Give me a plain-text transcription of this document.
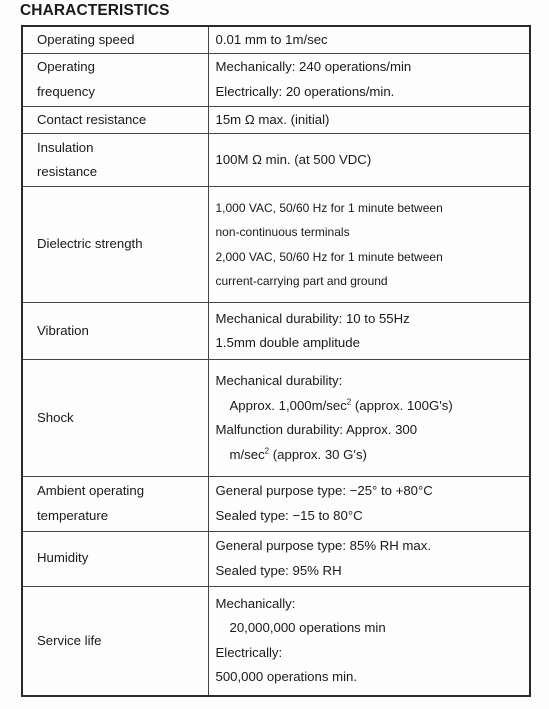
CHARACTERISTICS
Operating speed	0.01 mm to 1m/sec

Operating
frequency	Mechanically: 240 operations/min
Electrically: 20 operations/min.

Contact resistance	15m Ω max. (initial)

Insulation
resistance	100M Ω min. (at 500 VDC)

Dielectric strength	1,000 VAC, 50/60 Hz for 1 minute between
non-continuous terminals
2,000 VAC, 50/60 Hz for 1 minute between
current-carrying part and ground

Vibration	Mechanical durability: 10 to 55Hz
1.5mm double amplitude

Shock	Mechanical durability:
Approx. $1,000m/\sec^2$ (approx. 100G's)
Malfunction durability: Approx. 300
$m/\sec^2$ (approx. 30 G's)

Ambient operating
temperature	General purpose type: −25° to +80°C
Sealed type: −15 to 80°C

Humidity	General purpose type: 85% RH max.
Sealed type: 95% RH

Service life	Mechanically:
20,000,000 operations min
Electrically:
500,000 operations min.
